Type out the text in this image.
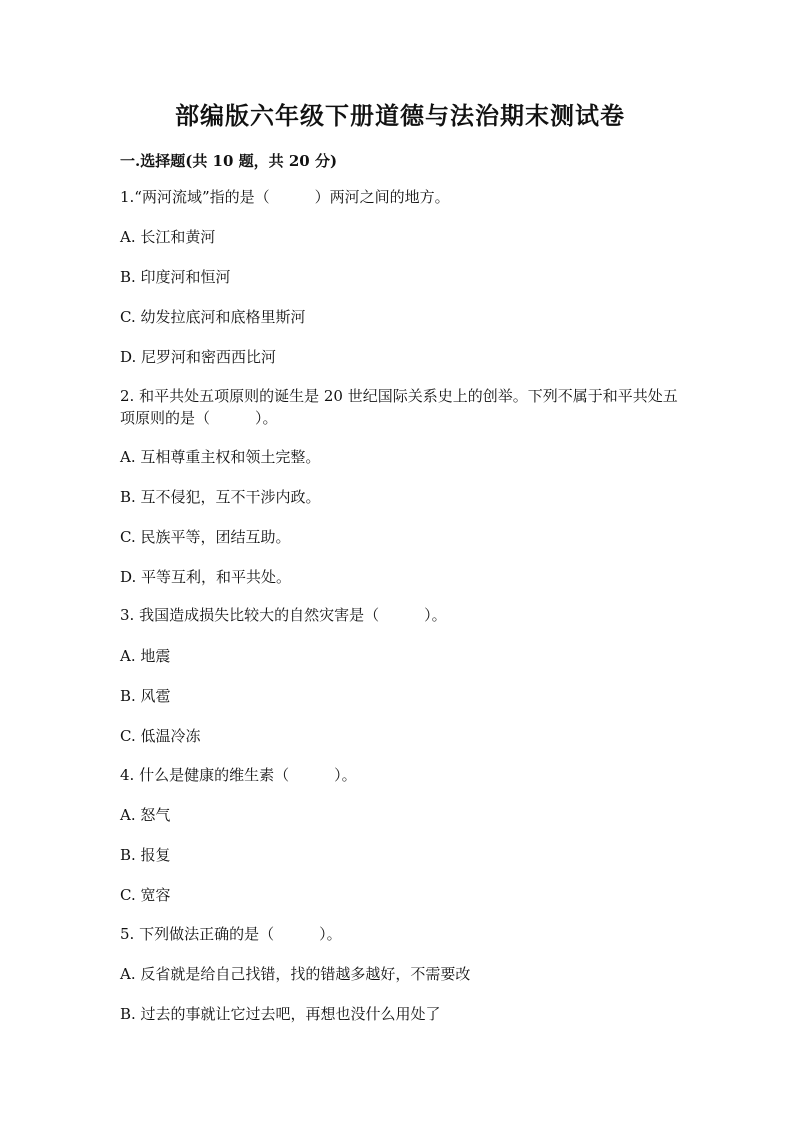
部编版六年级下册道德与法治期末测试卷
一.选择题(共 10 题，共 20 分)
1.“两河流域”指的是（　　　）两河之间的地方。
A. 长江和黄河
B. 印度河和恒河
C. 幼发拉底河和底格里斯河
D. 尼罗河和密西西比河
2. 和平共处五项原则的诞生是 20 世纪国际关系史上的创举。下列不属于和平共处五项原则的是（　　　）。
A. 互相尊重主权和领土完整。
B. 互不侵犯，互不干涉内政。
C. 民族平等，团结互助。
D. 平等互利，和平共处。
3. 我国造成损失比较大的自然灾害是（　　　）。
A. 地震
B. 风雹
C. 低温冷冻
4. 什么是健康的维生素（　　　）。
A. 怒气
B. 报复
C. 宽容
5. 下列做法正确的是（　　　）。
A. 反省就是给自己找错，找的错越多越好，不需要改
B. 过去的事就让它过去吧，再想也没什么用处了
